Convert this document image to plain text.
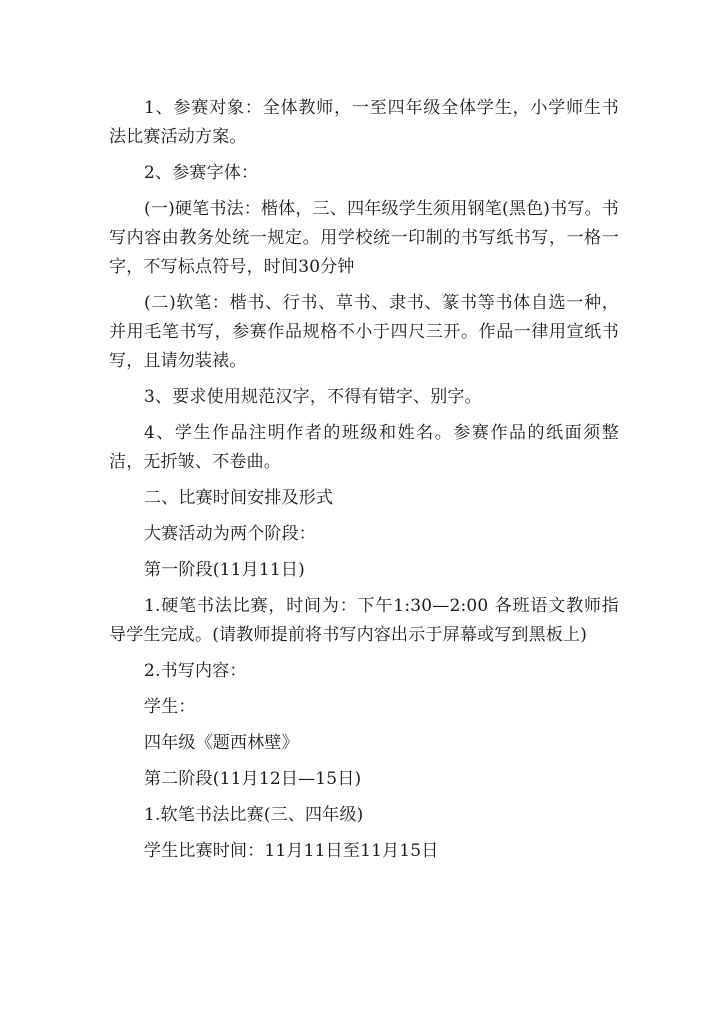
1、参赛对象：全体教师，一至四年级全体学生，小学师生书法比赛活动方案。

2、参赛字体：

(一)硬笔书法：楷体，三、四年级学生须用钢笔(黑色)书写。书写内容由教务处统一规定。用学校统一印制的书写纸书写，一格一字，不写标点符号，时间30分钟

(二)软笔：楷书、行书、草书、隶书、篆书等书体自选一种，并用毛笔书写，参赛作品规格不小于四尺三开。作品一律用宣纸书写，且请勿装裱。

3、要求使用规范汉字，不得有错字、别字。

4、学生作品注明作者的班级和姓名。参赛作品的纸面须整洁，无折皱、不卷曲。

二、比赛时间安排及形式

大赛活动为两个阶段：

第一阶段(11月11日)

1.硬笔书法比赛，时间为：下午1:30—2:00 各班语文教师指导学生完成。(请教师提前将书写内容出示于屏幕或写到黑板上)

2.书写内容：

学生：

四年级《题西林壁》

第二阶段(11月12日—15日)

1.软笔书法比赛(三、四年级)

学生比赛时间：11月11日至11月15日
